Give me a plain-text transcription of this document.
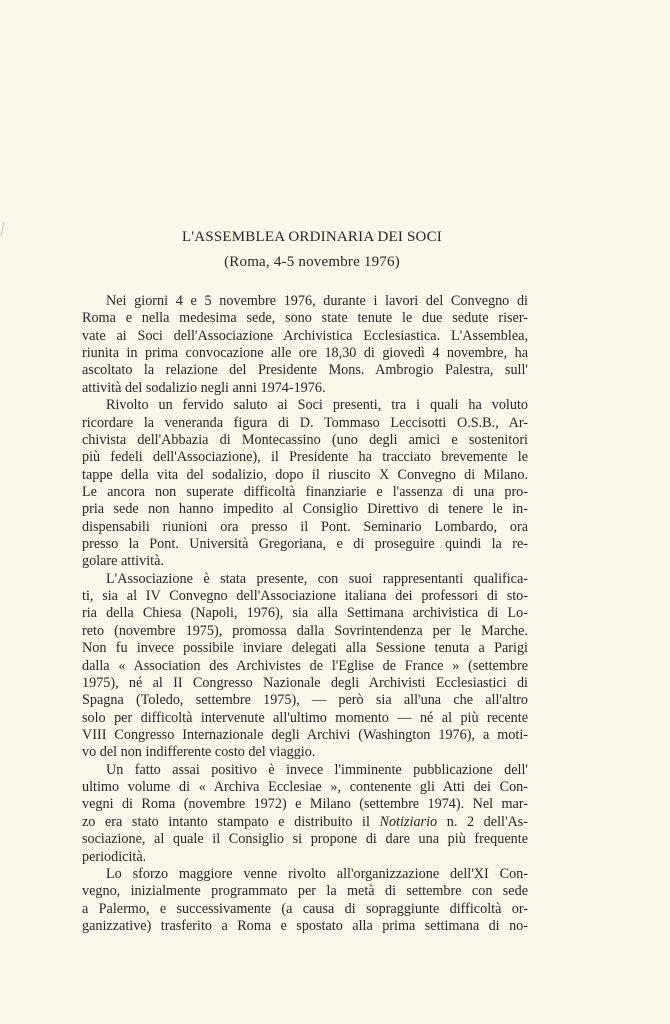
L'ASSEMBLEA ORDINARIA DEI SOCI
(Roma, 4-5 novembre 1976)
Nei giorni 4 e 5 novembre 1976, durante i lavori del Convegno di
Roma e nella medesima sede, sono state tenute le due sedute riser-
vate ai Soci dell'Associazione Archivistica Ecclesiastica. L'Assemblea,
riunita in prima convocazione alle ore 18,30 di giovedì 4 novembre, ha
ascoltato la relazione del Presidente Mons. Ambrogio Palestra, sull'
attività del sodalizio negli anni 1974-1976.
Rivolto un fervido saluto ai Soci presenti, tra i quali ha voluto
ricordare la veneranda figura di D. Tommaso Leccisotti O.S.B., Ar-
chivista dell'Abbazia di Montecassino (uno degli amici e sostenitori
più fedeli dell'Associazione), il Presidente ha tracciato brevemente le
tappe della vita del sodalizio, dopo il riuscito X Convegno di Milano.
Le ancora non superate difficoltà finanziarie e l'assenza di una pro-
pria sede non hanno impedito al Consiglio Direttivo di tenere le in-
dispensabili riunioni ora presso il Pont. Seminario Lombardo, ora
presso la Pont. Università Gregoriana, e di proseguire quindi la re-
golare attività.
L'Associazione è stata presente, con suoi rappresentanti qualifica-
ti, sia al IV Convegno dell'Associazione italiana dei professori di sto-
ria della Chiesa (Napoli, 1976), sia alla Settimana archivistica di Lo-
reto (novembre 1975), promossa dalla Sovrintendenza per le Marche.
Non fu invece possibile inviare delegati alla Sessione tenuta a Parigi
dalla « Association des Archivistes de l'Eglise de France » (settembre
1975), né al II Congresso Nazionale degli Archivisti Ecclesiastici di
Spagna (Toledo, settembre 1975), — però sia all'una che all'altro
solo per difficoltà intervenute all'ultimo momento — né al più recente
VIII Congresso Internazionale degli Archivi (Washington 1976), a moti-
vo del non indifferente costo del viaggio.
Un fatto assai positivo è invece l'imminente pubblicazione dell'
ultimo volume di « Archiva Ecclesiae », contenente gli Atti dei Con-
vegni di Roma (novembre 1972) e Milano (settembre 1974). Nel mar-
zo era stato intanto stampato e distribuito il Notiziario n. 2 dell'As-
sociazione, al quale il Consiglio si propone di dare una più frequente
periodicità.
Lo sforzo maggiore venne rivolto all'organizzazione dell'XI Con-
vegno, inizialmente programmato per la metà di settembre con sede
a Palermo, e successivamente (a causa di sopraggiunte difficoltà or-
ganizzative) trasferito a Roma e spostato alla prima settimana di no-
